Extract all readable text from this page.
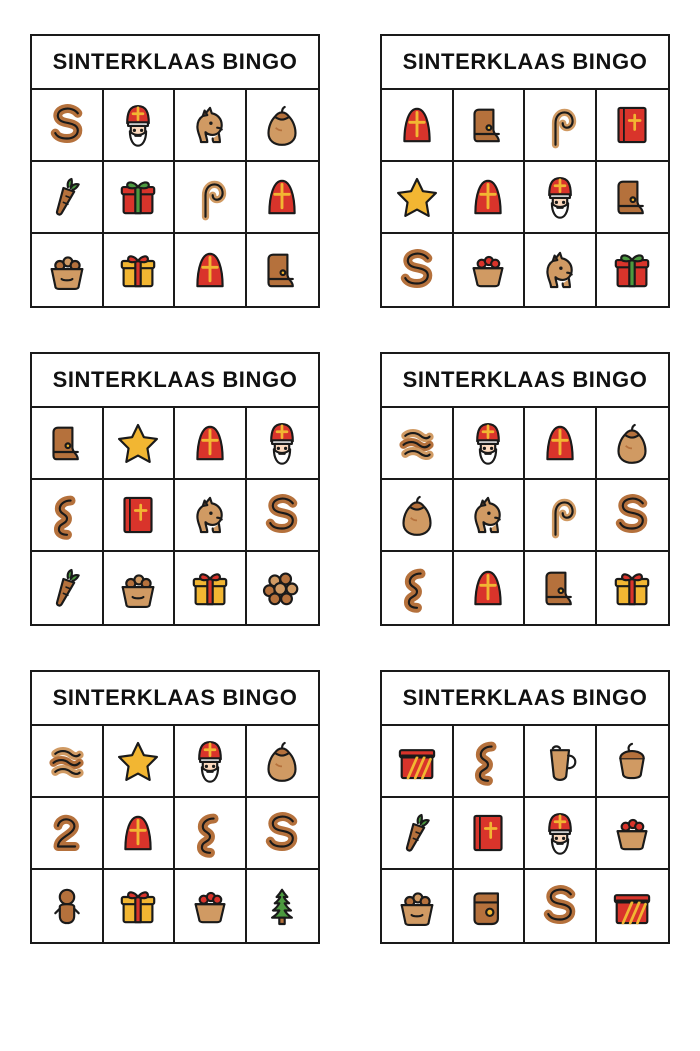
SINTERKLAAS BINGO	SINTERKLAAS BINGO
SINTERKLAAS BINGO	SINTERKLAAS BINGO
SINTERKLAAS BINGO	SINTERKLAAS BINGO
